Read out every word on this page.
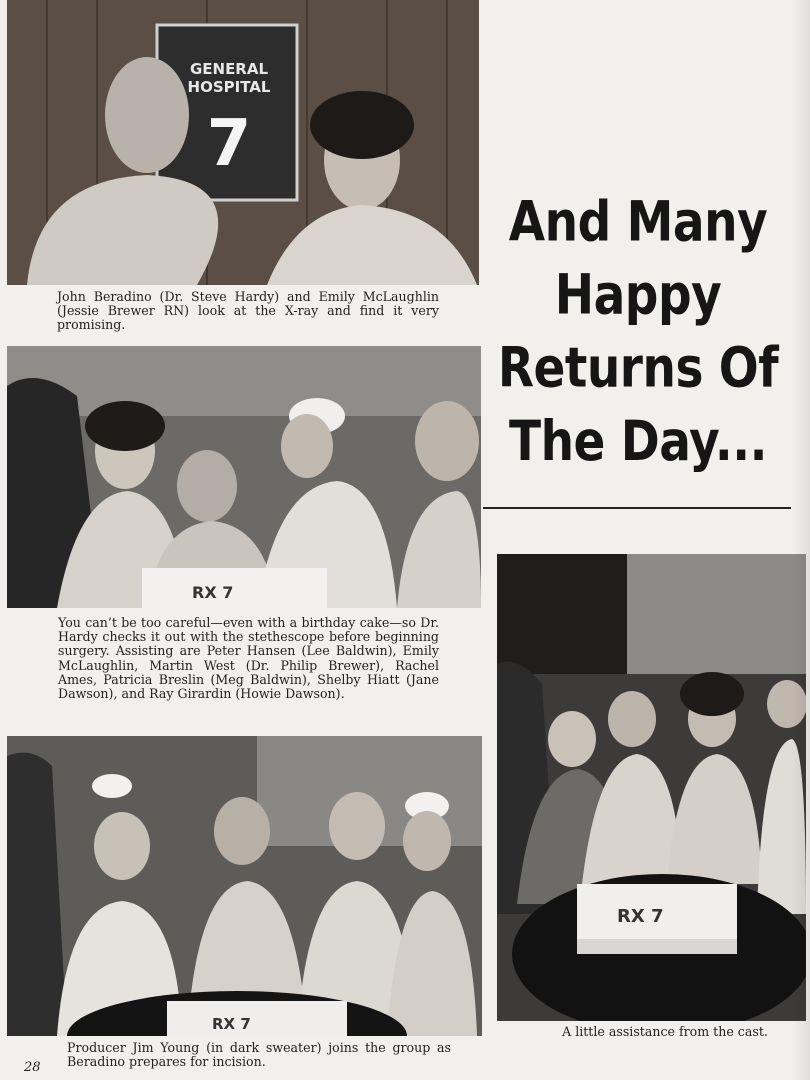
GENERAL
HOSPITAL
7

John Beradino (Dr. Steve Hardy) and Emily McLaughlin (Jessie Brewer RN) look at the X-ray and find it very promising.

RX 7

You can’t be too careful—even with a birthday cake—so Dr. Hardy checks it out with the stethescope before beginning surgery. Assisting are Peter Hansen (Lee Baldwin), Emily McLaughlin, Martin West (Dr. Philip Brewer), Rachel Ames, Patricia Breslin (Meg Baldwin), Shelby Hiatt (Jane Dawson), and Ray Girardin (Howie Dawson).

RX 7

Producer Jim Young (in dark sweater) joins the group as Beradino prepares for incision.

And Many
Happy
Returns Of
The Day...
RX 7

A little assistance from the cast.

28
